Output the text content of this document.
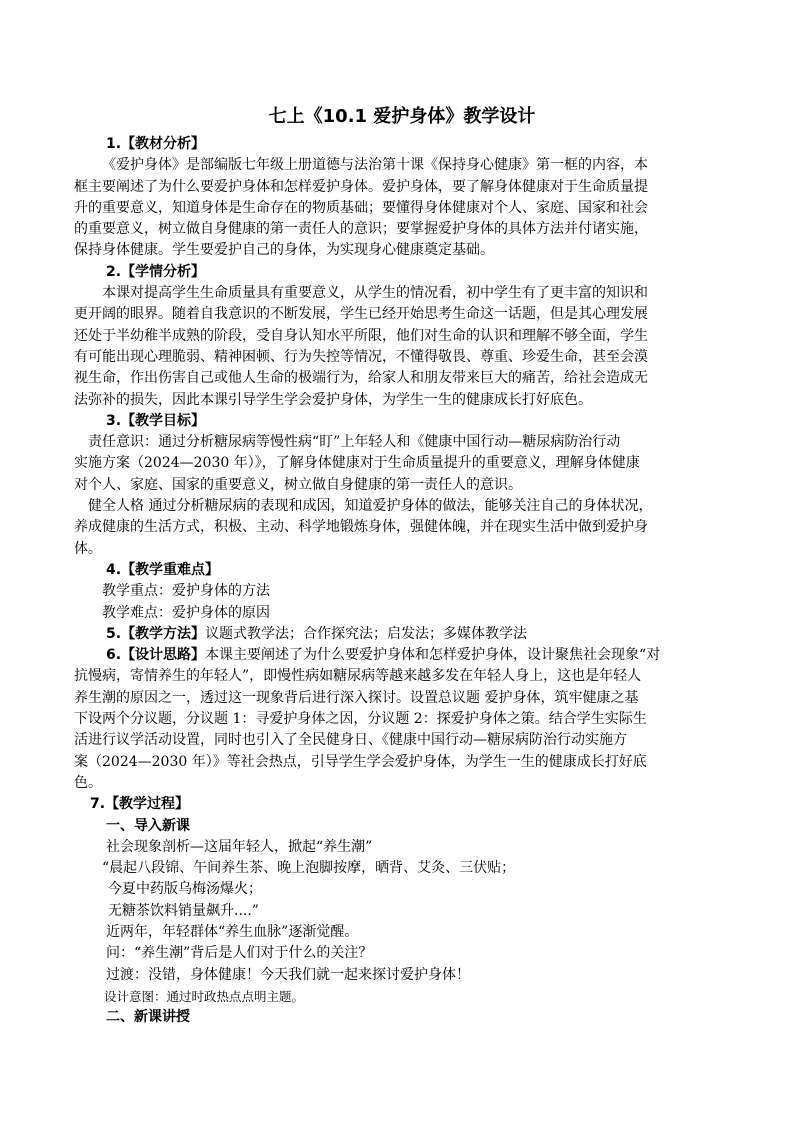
七上《10.1 爱护身体》教学设计

1.【教材分析】

《爱护身体》是部编版七年级上册道德与法治第十课《保持身心健康》第一框的内容，本

框主要阐述了为什么要爱护身体和怎样爱护身体。爱护身体，要了解身体健康对于生命质量提

升的重要意义，知道身体是生命存在的物质基础；要懂得身体健康对个人、家庭、国家和社会

的重要意义，树立做自身健康的第一责任人的意识；要掌握爱护身体的具体方法并付诸实施，

保持身体健康。学生要爱护自己的身体，为实现身心健康奠定基础。

2.【学情分析】

本课对提高学生生命质量具有重要意义，从学生的情况看，初中学生有了更丰富的知识和

更开阔的眼界。随着自我意识的不断发展，学生已经开始思考生命这一话题，但是其心理发展

还处于半幼稚半成熟的阶段，受自身认知水平所限，他们对生命的认识和理解不够全面，学生

有可能出现心理脆弱、精神困顿、行为失控等情况，不懂得敬畏、尊重、珍爱生命，甚至会漠

视生命，作出伤害自己或他人生命的极端行为，给家人和朋友带来巨大的痛苦，给社会造成无

法弥补的损失，因此本课引导学生学会爱护身体，为学生一生的健康成长打好底色。

3.【教学目标】

责任意识：通过分析糖尿病等慢性病“盯”上年轻人和《健康中国行动—糖尿病防治行动

实施方案（2024—2030 年）》，了解身体健康对于生命质量提升的重要意义，理解身体健康

对个人、家庭、国家的重要意义，树立做自身健康的第一责任人的意识。

健全人格 通过分析糖尿病的表现和成因，知道爱护身体的做法，能够关注自己的身体状况，

养成健康的生活方式，积极、主动、科学地锻炼身体，强健体魄，并在现实生活中做到爱护身

体。

4.【教学重难点】

教学重点：爱护身体的方法

教学难点：爱护身体的原因

5.【教学方法】议题式教学法；合作探究法；启发法；多媒体教学法

6.【设计思路】本课主要阐述了为什么要爱护身体和怎样爱护身体，设计聚焦社会现象“对

抗慢病，寄情养生的年轻人”，即慢性病如糖尿病等越来越多发在年轻人身上，这也是年轻人

养生潮的原因之一，透过这一现象背后进行深入探讨。设置总议题 爱护身体，筑牢健康之基

下设两个分议题，分议题 1：寻爱护身体之因，分议题 2：探爱护身体之策。结合学生实际生

活进行议学活动设置，同时也引入了全民健身日、《健康中国行动—糖尿病防治行动实施方

案（2024—2030 年）》等社会热点，引导学生学会爱护身体，为学生一生的健康成长打好底

色。

7.【教学过程】

一、导入新课

社会现象剖析—这届年轻人，掀起“养生潮”

“晨起八段锦、午间养生茶、晚上泡脚按摩，晒背、艾灸、三伏贴；

今夏中药版乌梅汤爆火；

无糖茶饮料销量飙升....”

近两年，年轻群体“养生血脉”逐渐觉醒。

问：“养生潮”背后是人们对于什么的关注？

过渡：没错，身体健康！今天我们就一起来探讨爱护身体！

设计意图：通过时政热点点明主题。

二、新课讲授
